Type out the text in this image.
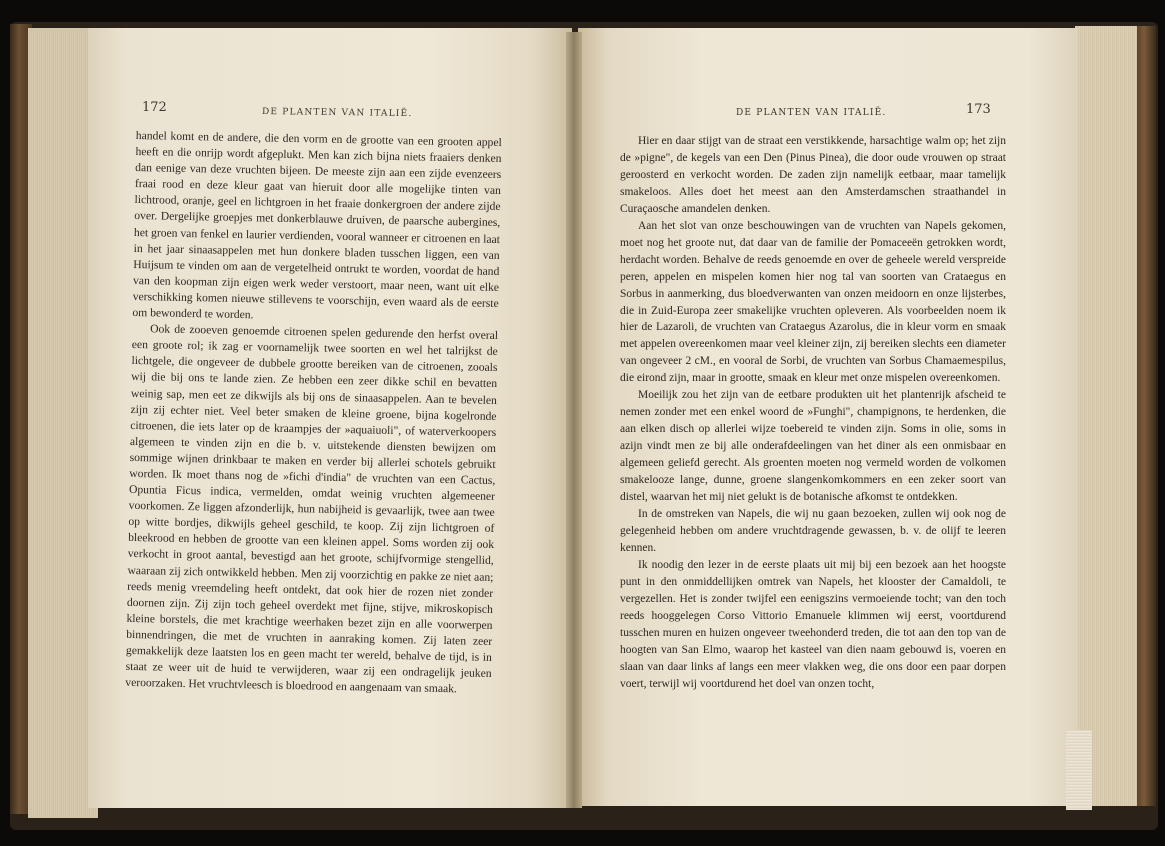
172	DE PLANTEN VAN ITALIË.

handel komt en de andere, die den vorm en de grootte van een grooten appel heeft en die onrijp wordt afgeplukt. Men kan zich bijna niets fraaiers denken dan eenige van deze vruchten bijeen. De meeste zijn aan een zijde evenzeers fraai rood en deze kleur gaat van hieruit door alle mogelijke tinten van lichtrood, oranje, geel en lichtgroen in het fraaie donkergroen der andere zijde over. Dergelijke groepjes met donkerblauwe druiven, de paarsche aubergines, het groen van fenkel en laurier verdienden, vooral wanneer er citroenen en laat in het jaar sinaasappelen met hun donkere bladen tusschen liggen, een van Huijsum te vinden om aan de vergetelheid ontrukt te worden, voordat de hand van den koopman zijn eigen werk weder verstoort, maar neen, want uit elke verschikking komen nieuwe stillevens te voorschijn, even waard als de eerste om bewonderd te worden.

Ook de zooeven genoemde citroenen spelen gedurende den herfst overal een groote rol; ik zag er voornamelijk twee soorten en wel het talrijkst de lichtgele, die ongeveer de dubbele grootte bereiken van de citroenen, zooals wij die bij ons te lande zien. Ze hebben een zeer dikke schil en bevatten weinig sap, men eet ze dikwijls als bij ons de sinaasappelen. Aan te bevelen zijn zij echter niet. Veel beter smaken de kleine groene, bijna kogelronde citroenen, die iets later op de kraampjes der »aquaiuoli", of waterverkoopers algemeen te vinden zijn en die b. v. uitstekende diensten bewijzen om sommige wijnen drinkbaar te maken en verder bij allerlei schotels gebruikt worden. Ik moet thans nog de »fichi d'india" de vruchten van een Cactus, Opuntia Ficus indica, vermelden, omdat weinig vruchten algemeener voorkomen. Ze liggen afzonderlijk, hun nabijheid is gevaarlijk, twee aan twee op witte bordjes, dikwijls geheel geschild, te koop. Zij zijn lichtgroen of bleekrood en hebben de grootte van een kleinen appel. Soms worden zij ook verkocht in groot aantal, bevestigd aan het groote, schijfvormige stengellid, waaraan zij zich ontwikkeld hebben. Men zij voorzichtig en pakke ze niet aan; reeds menig vreemdeling heeft ontdekt, dat ook hier de rozen niet zonder doornen zijn. Zij zijn toch geheel overdekt met fijne, stijve, mikroskopisch kleine borstels, die met krachtige weerhaken bezet zijn en alle voorwerpen binnendringen, die met de vruchten in aanraking komen. Zij laten zeer gemakkelijk deze laatsten los en geen macht ter wereld, behalve de tijd, is in staat ze weer uit de huid te verwijderen, waar zij een ondragelijk jeuken veroorzaken. Het vruchtvleesch is bloedrood en aangenaam van smaak.

DE PLANTEN VAN ITALIË.	173

Hier en daar stijgt van de straat een verstikkende, harsachtige walm op; het zijn de »pigne", de kegels van een Den (Pinus Pinea), die door oude vrouwen op straat geroosterd en verkocht worden. De zaden zijn namelijk eetbaar, maar tamelijk smakeloos. Alles doet het meest aan den Amsterdamschen straathandel in Curaçaosche amandelen denken.

Aan het slot van onze beschouwingen van de vruchten van Napels gekomen, moet nog het groote nut, dat daar van de familie der Pomaceeën getrokken wordt, herdacht worden. Behalve de reeds genoemde en over de geheele wereld verspreide peren, appelen en mispelen komen hier nog tal van soorten van Crataegus en Sorbus in aanmerking, dus bloedverwanten van onzen meidoorn en onze lijsterbes, die in Zuid-Europa zeer smakelijke vruchten opleveren. Als voorbeelden noem ik hier de Lazaroli, de vruchten van Crataegus Azarolus, die in kleur vorm en smaak met appelen overeenkomen maar veel kleiner zijn, zij bereiken slechts een diameter van ongeveer 2 cM., en vooral de Sorbi, de vruchten van Sorbus Chamaemespilus, die eirond zijn, maar in grootte, smaak en kleur met onze mispelen overeenkomen.

Moeilijk zou het zijn van de eetbare produkten uit het plantenrijk afscheid te nemen zonder met een enkel woord de »Funghi", champignons, te herdenken, die aan elken disch op allerlei wijze toebereid te vinden zijn. Soms in olie, soms in azijn vindt men ze bij alle onderafdeelingen van het diner als een onmisbaar en algemeen geliefd gerecht. Als groenten moeten nog vermeld worden de volkomen smakelooze lange, dunne, groene slangenkomkommers en een zeker soort van distel, waarvan het mij niet gelukt is de botanische afkomst te ontdekken.

In de omstreken van Napels, die wij nu gaan bezoeken, zullen wij ook nog de gelegenheid hebben om andere vruchtdragende gewassen, b. v. de olijf te leeren kennen.

Ik noodig den lezer in de eerste plaats uit mij bij een bezoek aan het hoogste punt in den onmiddellijken omtrek van Napels, het klooster der Camaldoli, te vergezellen. Het is zonder twijfel een eenigszins vermoeiende tocht; van den toch reeds hooggelegen Corso Vittorio Emanuele klimmen wij eerst, voortdurend tusschen muren en huizen ongeveer tweehonderd treden, die tot aan den top van de hoogten van San Elmo, waarop het kasteel van dien naam gebouwd is, voeren en slaan van daar links af langs een meer vlakken weg, die ons door een paar dorpen voert, terwijl wij voortdurend het doel van onzen tocht,
